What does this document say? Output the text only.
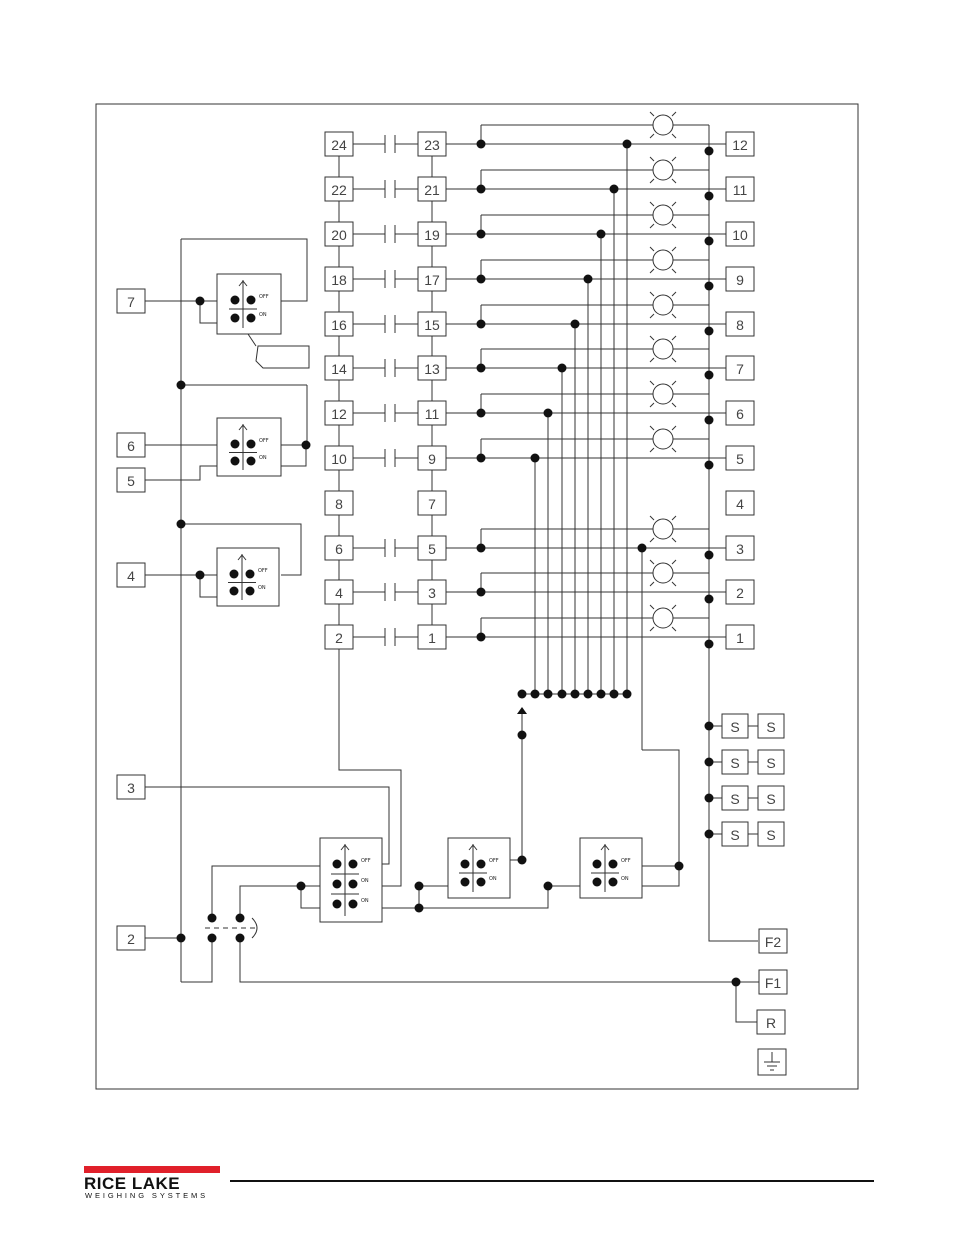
OFF
ON
OFF
ON
OFF
ON
OFF
ON
ON
OFF
ON
OFF
ON
12
11
10
9
8
7
6
5
4
3
2
1
24	23
22	21
20	19
18	17
16	15
14	13
12	11
10	9
8	7
6	5
4	3
2	1
S S
S S
S S
S S
F2
F1
R
7
6
5
4
3
2
RICE LAKE
WEIGHING SYSTEMS
